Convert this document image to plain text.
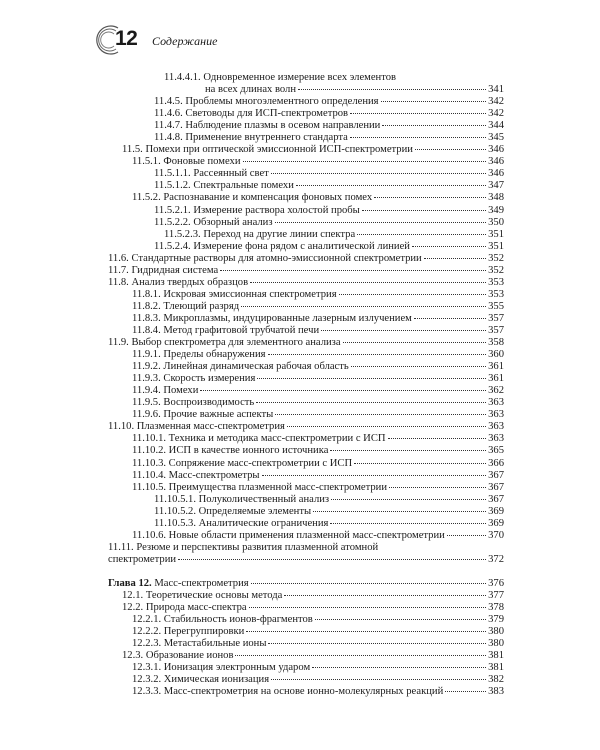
12 Содержание
11.4.4.1. Одновременное измерение всех элементов
на всех длинах волн	341
11.4.5. Проблемы многоэлементного определения	342
11.4.6. Световоды для ИСП-спектрометров	342
11.4.7. Наблюдение плазмы в осевом направлении	344
11.4.8. Применение внутреннего стандарта	345
11.5. Помехи при оптической эмиссионной ИСП-спектрометрии	346
11.5.1. Фоновые помехи	346
11.5.1.1. Рассеянный свет	346
11.5.1.2. Спектральные помехи	347
11.5.2. Распознавание и компенсация фоновых помех	348
11.5.2.1. Измерение раствора холостой пробы	349
11.5.2.2. Обзорный анализ	350
11.5.2.3. Переход на другие линии спектра	351
11.5.2.4. Измерение фона рядом с аналитической линией	351
11.6. Стандартные растворы для атомно-эмиссионной спектрометрии	352
11.7. Гидридная система	352
11.8. Анализ твердых образцов	353
11.8.1. Искровая эмиссионная спектрометрия	353
11.8.2. Тлеющий разряд	355
11.8.3. Микроплазмы, индуцированные лазерным излучением	357
11.8.4. Метод графитовой трубчатой печи	357
11.9. Выбор спектрометра для элементного анализа	358
11.9.1. Пределы обнаружения	360
11.9.2. Линейная динамическая рабочая область	361
11.9.3. Скорость измерения	361
11.9.4. Помехи	362
11.9.5. Воспроизводимость	363
11.9.6. Прочие важные аспекты	363
11.10. Плазменная масс-спектрометрия	363
11.10.1. Техника и методика масс-спектрометрии с ИСП	363
11.10.2. ИСП в качестве ионного источника	365
11.10.3. Сопряжение масс-спектрометрии с ИСП	366
11.10.4. Масс-спектрометры	367
11.10.5. Преимущества плазменной масс-спектрометрии	367
11.10.5.1. Полуколичественный анализ	367
11.10.5.2. Определяемые элементы	369
11.10.5.3. Аналитические ограничения	369
11.10.6. Новые области применения плазменной масс-спектрометрии	370
11.11. Резюме и перспективы развития плазменной атомной
спектрометрии	372
Глава 12. Масс-спектрометрия	376
12.1. Теоретические основы метода	377
12.2. Природа масс-спектра	378
12.2.1. Стабильность ионов-фрагментов	379
12.2.2. Перегруппировки	380
12.2.3. Метастабильные ионы	380
12.3. Образование ионов	381
12.3.1. Ионизация электронным ударом	381
12.3.2. Химическая ионизация	382
12.3.3. Масс-спектрометрия на основе ионно-молекулярных реакций	383
